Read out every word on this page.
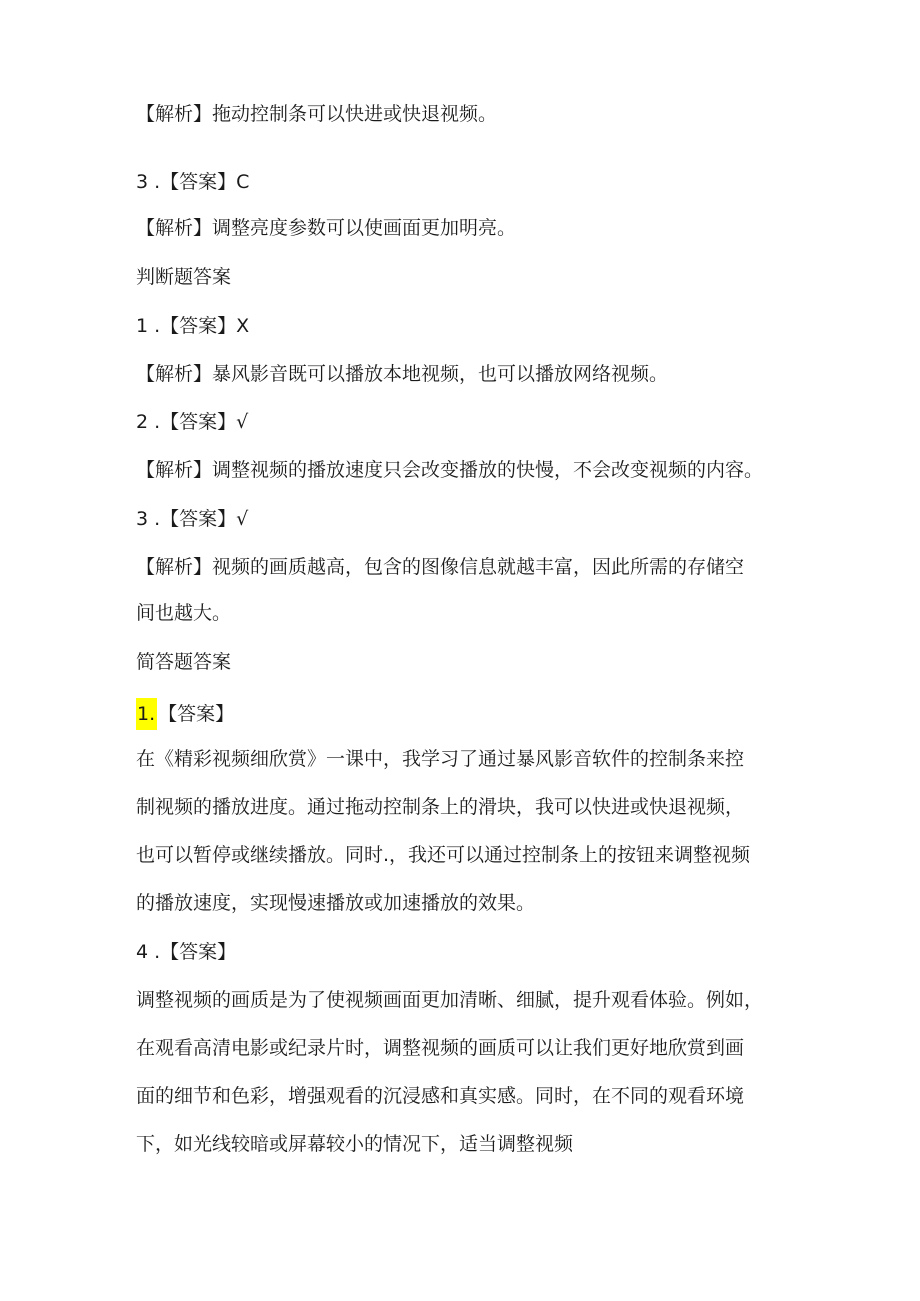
【解析】拖动控制条可以快进或快退视频。
3 .【答案】C
【解析】调整亮度参数可以使画面更加明亮。
判断题答案
1 .【答案】X
【解析】暴风影音既可以播放本地视频，也可以播放网络视频。
2 .【答案】√
【解析】调整视频的播放速度只会改变播放的快慢，不会改变视频的内容。
3 .【答案】√
【解析】视频的画质越高，包含的图像信息就越丰富，因此所需的存储空
间也越大。
简答题答案
1. 【答案】
在《精彩视频细欣赏》一课中，我学习了通过暴风影音软件的控制条来控
制视频的播放进度。通过拖动控制条上的滑块，我可以快进或快退视频，
也可以暂停或继续播放。同时.，我还可以通过控制条上的按钮来调整视频
的播放速度，实现慢速播放或加速播放的效果。
4 .【答案】
调整视频的画质是为了使视频画面更加清晰、细腻，提升观看体验。例如，
在观看高清电影或纪录片时，调整视频的画质可以让我们更好地欣赏到画
面的细节和色彩，增强观看的沉浸感和真实感。同时，在不同的观看环境
下，如光线较暗或屏幕较小的情况下，适当调整视频
